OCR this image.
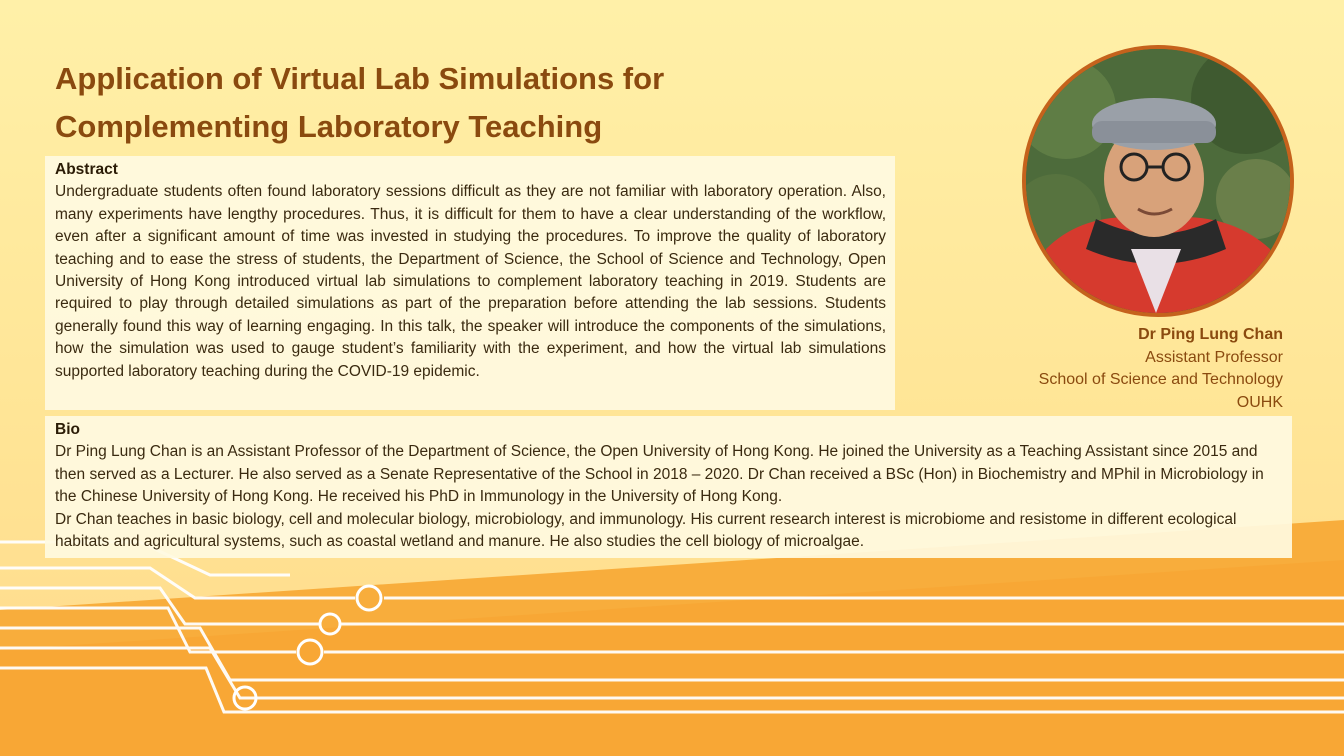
Application of Virtual Lab Simulations for
Complementing Laboratory Teaching
Abstract
Undergraduate students often found laboratory sessions difficult as they are not familiar with laboratory operation. Also, many experiments have lengthy procedures. Thus, it is difficult for them to have a clear understanding of the workflow, even after a significant amount of time was invested in studying the procedures. To improve the quality of laboratory teaching and to ease the stress of students, the Department of Science, the School of Science and Technology, Open University of Hong Kong introduced virtual lab simulations to complement laboratory teaching in 2019. Students are required to play through detailed simulations as part of the preparation before attending the lab sessions. Students generally found this way of learning engaging. In this talk, the speaker will introduce the components of the simulations, how the simulation was used to gauge student’s familiarity with the experiment, and how the virtual lab simulations supported laboratory teaching during the COVID-19 epidemic.
Dr Ping Lung Chan
Assistant Professor
School of Science and Technology
OUHK
Bio
Dr Ping Lung Chan is an Assistant Professor of the Department of Science, the Open University of Hong Kong. He joined the University as a Teaching Assistant since 2015 and then served as a Lecturer. He also served as a Senate Representative of the School in 2018 – 2020. Dr Chan received a BSc (Hon) in Biochemistry and MPhil in Microbiology in the Chinese University of Hong Kong. He received his PhD in Immunology in the University of Hong Kong.
Dr Chan teaches in basic biology, cell and molecular biology, microbiology, and immunology. His current research interest is microbiome and resistome in different ecological habitats and agricultural systems, such as coastal wetland and manure. He also studies the cell biology of microalgae.
